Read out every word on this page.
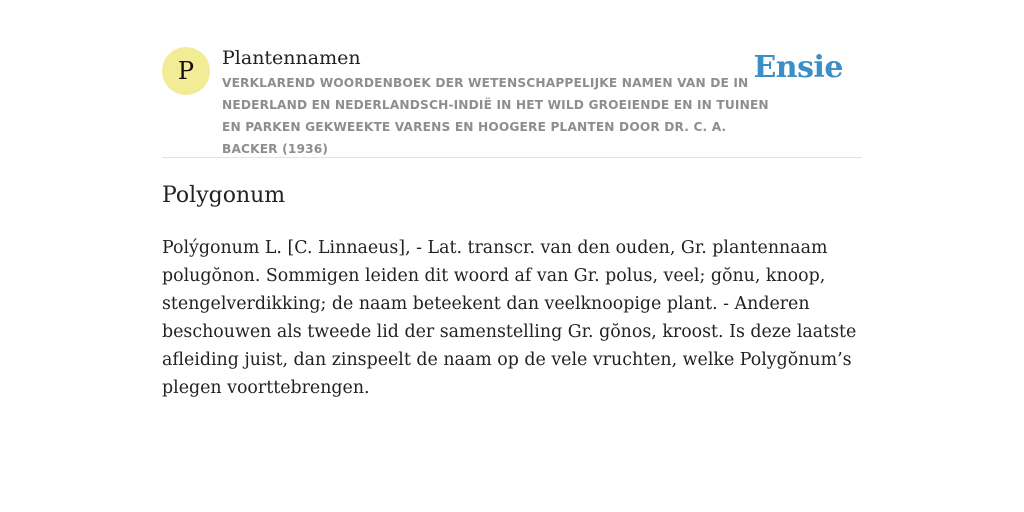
P	Plantennamen

VERKLAREND WOORDENBOEK DER WETENSCHAPPELIJKE NAMEN VAN DE IN NEDERLAND EN NEDERLANDSCH-INDIË IN HET WILD GROEIENDE EN IN TUINEN EN PARKEN GEKWEEKTE VARENS EN HOOGERE PLANTEN DOOR DR. C. A. BACKER (1936)

Ensie
Polygonum

Polýgonum L. [C. Linnaeus], - Lat. transcr. van den ouden, Gr. plantennaam polugŏnon. Sommigen leiden dit woord af van Gr. polus, veel; gŏnu, knoop, stengelverdikking; de naam beteekent dan veelknoopige plant. - Anderen beschouwen als tweede lid der samenstelling Gr. gŏnos, kroost. Is deze laatste afleiding juist, dan zinspeelt de naam op de vele vruchten, welke Polygŏnum’s plegen voorttebrengen.
